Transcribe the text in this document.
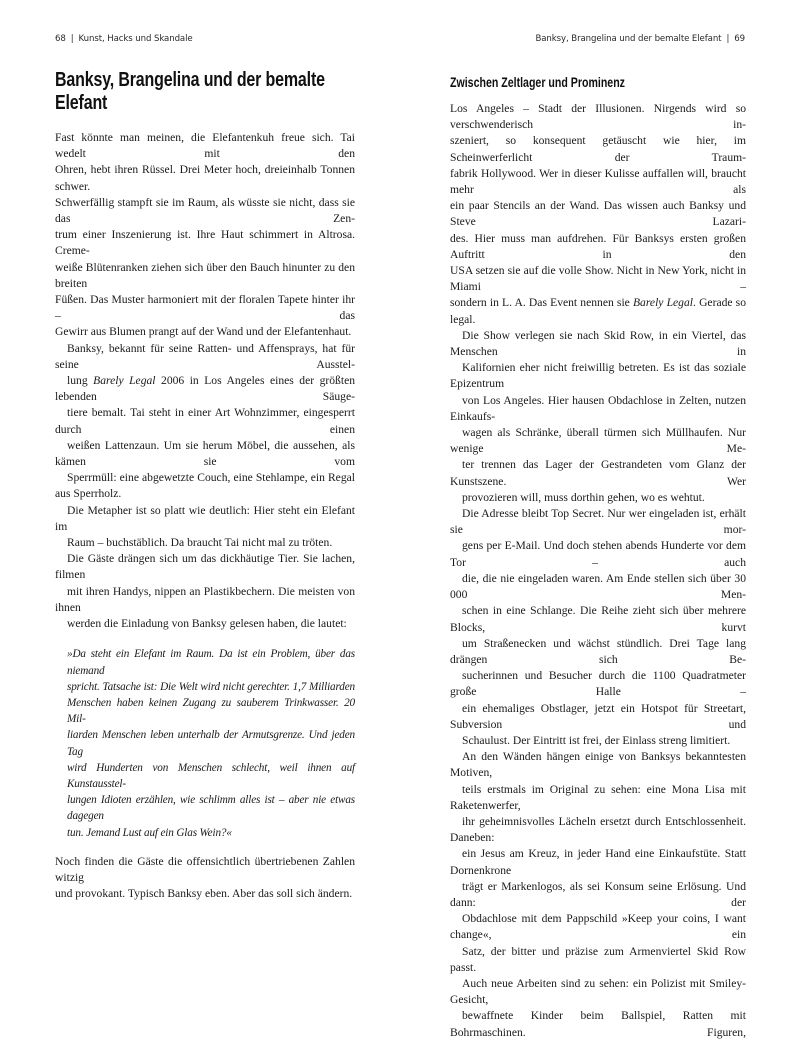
68 | Kunst, Hacks und Skandale
Banksy, Brangelina und der bemalte Elefant

Fast könnte man meinen, die Elefantenkuh freue sich. Tai wedelt mit den
Ohren, hebt ihren Rüssel. Drei Meter hoch, dreieinhalb Tonnen schwer.
Schwerfällig stampft sie im Raum, als wüsste sie nicht, dass sie das Zen-
trum einer Inszenierung ist. Ihre Haut schimmert in Altrosa. Creme-
weiße Blütenranken ziehen sich über den Bauch hinunter zu den breiten
Füßen. Das Muster harmoniert mit der floralen Tapete hinter ihr – das
Gewirr aus Blumen prangt auf der Wand und der Elefantenhaut.

Banksy, bekannt für seine Ratten- und Affensprays, hat für seine Ausstel-
lung Barely Legal 2006 in Los Angeles eines der größten lebenden Säuge-
tiere bemalt. Tai steht in einer Art Wohnzimmer, eingesperrt durch einen
weißen Lattenzaun. Um sie herum Möbel, die aussehen, als kämen sie vom
Sperrmüll: eine abgewetzte Couch, eine Stehlampe, ein Regal aus Sperrholz.

Die Metapher ist so platt wie deutlich: Hier steht ein Elefant im
Raum – buchstäblich. Da braucht Tai nicht mal zu tröten.

Die Gäste drängen sich um das dickhäutige Tier. Sie lachen, filmen
mit ihren Handys, nippen an Plastikbechern. Die meisten von ihnen
werden die Einladung von Banksy gelesen haben, die lautet:

»Da steht ein Elefant im Raum. Da ist ein Problem, über das niemand
spricht. Tatsache ist: Die Welt wird nicht gerechter. 1,7 Milliarden
Menschen haben keinen Zugang zu sauberem Trinkwasser. 20 Mil-
liarden Menschen leben unterhalb der Armutsgrenze. Und jeden Tag
wird Hunderten von Menschen schlecht, weil ihnen auf Kunstausstel-
lungen Idioten erzählen, wie schlimm alles ist – aber nie etwas dagegen
tun. Jemand Lust auf ein Glas Wein?«

Noch finden die Gäste die offensichtlich übertriebenen Zahlen witzig
und provokant. Typisch Banksy eben. Aber das soll sich ändern.

Banksy, Brangelina und der bemalte Elefant | 69
Zwischen Zeltlager und Prominenz

Los Angeles – Stadt der Illusionen. Nirgends wird so verschwenderisch in-
szeniert, so konsequent getäuscht wie hier, im Scheinwerferlicht der Traum-
fabrik Hollywood. Wer in dieser Kulisse auffallen will, braucht mehr als
ein paar Stencils an der Wand. Das wissen auch Banksy und Steve Lazari-
des. Hier muss man aufdrehen. Für Banksys ersten großen Auftritt in den
USA setzen sie auf die volle Show. Nicht in New York, nicht in Miami –
sondern in L. A. Das Event nennen sie Barely Legal. Gerade so legal.

Die Show verlegen sie nach Skid Row, in ein Viertel, das Menschen in
Kalifornien eher nicht freiwillig betreten. Es ist das soziale Epizentrum
von Los Angeles. Hier hausen Obdachlose in Zelten, nutzen Einkaufs-
wagen als Schränke, überall türmen sich Müllhaufen. Nur wenige Me-
ter trennen das Lager der Gestrandeten vom Glanz der Kunstszene. Wer
provozieren will, muss dorthin gehen, wo es wehtut.

Die Adresse bleibt Top Secret. Nur wer eingeladen ist, erhält sie mor-
gens per E-Mail. Und doch stehen abends Hunderte vor dem Tor – auch
die, die nie eingeladen waren. Am Ende stellen sich über 30 000 Men-
schen in eine Schlange. Die Reihe zieht sich über mehrere Blocks, kurvt
um Straßenecken und wächst stündlich. Drei Tage lang drängen sich Be-
sucherinnen und Besucher durch die 1100 Quadratmeter große Halle –
ein ehemaliges Obstlager, jetzt ein Hotspot für Streetart, Subversion und
Schaulust. Der Eintritt ist frei, der Einlass streng limitiert.

An den Wänden hängen einige von Banksys bekanntesten Motiven,
teils erstmals im Original zu sehen: eine Mona Lisa mit Raketenwerfer,
ihr geheimnisvolles Lächeln ersetzt durch Entschlossenheit. Daneben:
ein Jesus am Kreuz, in jeder Hand eine Einkaufstüte. Statt Dornenkrone
trägt er Markenlogos, als sei Konsum seine Erlösung. Und dann: der
Obdachlose mit dem Pappschild »Keep your coins, I want change«, ein
Satz, der bitter und präzise zum Armenviertel Skid Row passt.

Auch neue Arbeiten sind zu sehen: ein Polizist mit Smiley-Gesicht,
bewaffnete Kinder beim Ballspiel, Ratten mit Bohrmaschinen. Figuren,
